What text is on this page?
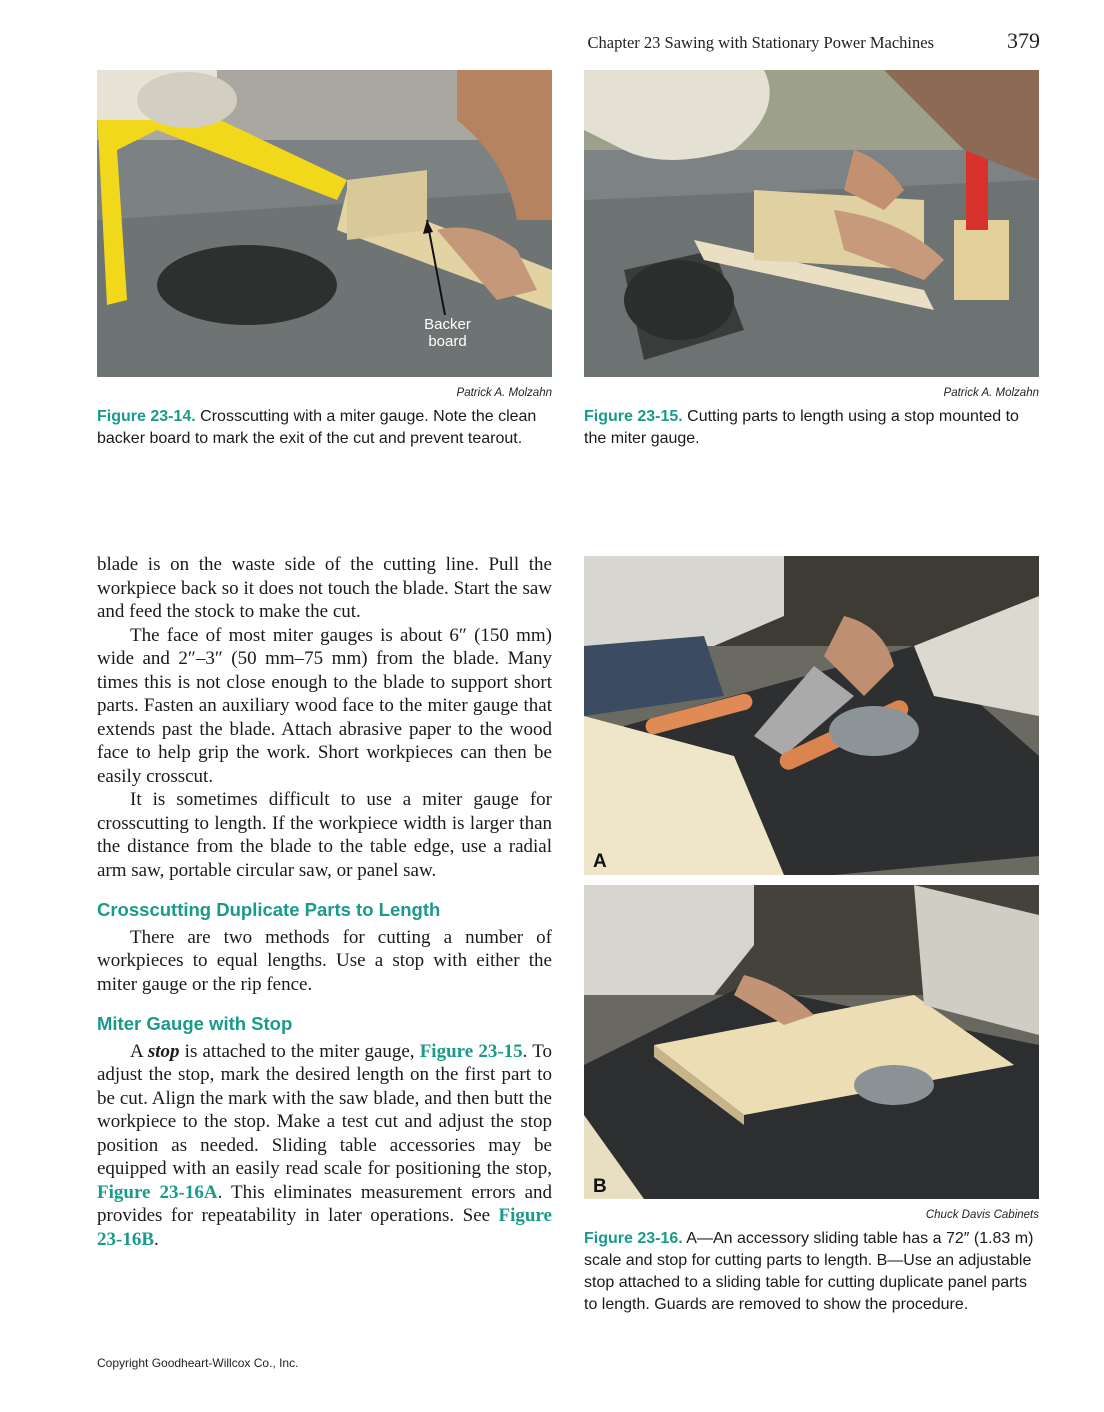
Chapter 23 Sawing with Stationary Power Machines	379
Backer
board
Patrick A. Molzahn
Figure 23-14. Crosscutting with a miter gauge. Note the clean backer board to mark the exit of the cut and prevent tearout.
Patrick A. Molzahn
Figure 23-15. Cutting parts to length using a stop mounted to the miter gauge.
A
B
Chuck Davis Cabinets
Figure 23-16. A—An accessory sliding table has a 72″ (1.83 m) scale and stop for cutting parts to length. B—Use an adjustable stop attached to a sliding table for cutting duplicate panel parts to length. Guards are removed to show the procedure.

blade is on the waste side of the cutting line. Pull the workpiece back so it does not touch the blade. Start the saw and feed the stock to make the cut.

The face of most miter gauges is about 6″ (150 mm) wide and 2″–3″ (50 mm–75 mm) from the blade. Many times this is not close enough to the blade to support short parts. Fasten an auxiliary wood face to the miter gauge that extends past the blade. Attach abrasive paper to the wood face to help grip the work. Short workpieces can then be easily crosscut.

It is sometimes difficult to use a miter gauge for crosscutting to length. If the workpiece width is larger than the distance from the blade to the table edge, use a radial arm saw, portable circular saw, or panel saw.

Crosscutting Duplicate Parts to Length

There are two methods for cutting a number of workpieces to equal lengths. Use a stop with either the miter gauge or the rip fence.

Miter Gauge with Stop

A stop is attached to the miter gauge, Figure 23-15. To adjust the stop, mark the desired length on the first part to be cut. Align the mark with the saw blade, and then butt the workpiece to the stop. Make a test cut and adjust the stop position as needed. Sliding table accessories may be equipped with an easily read scale for positioning the stop, Figure 23-16A. This eliminates measurement errors and provides for repeatability in later operations. See Figure 23-16B.

Copyright Goodheart-Willcox Co., Inc.
